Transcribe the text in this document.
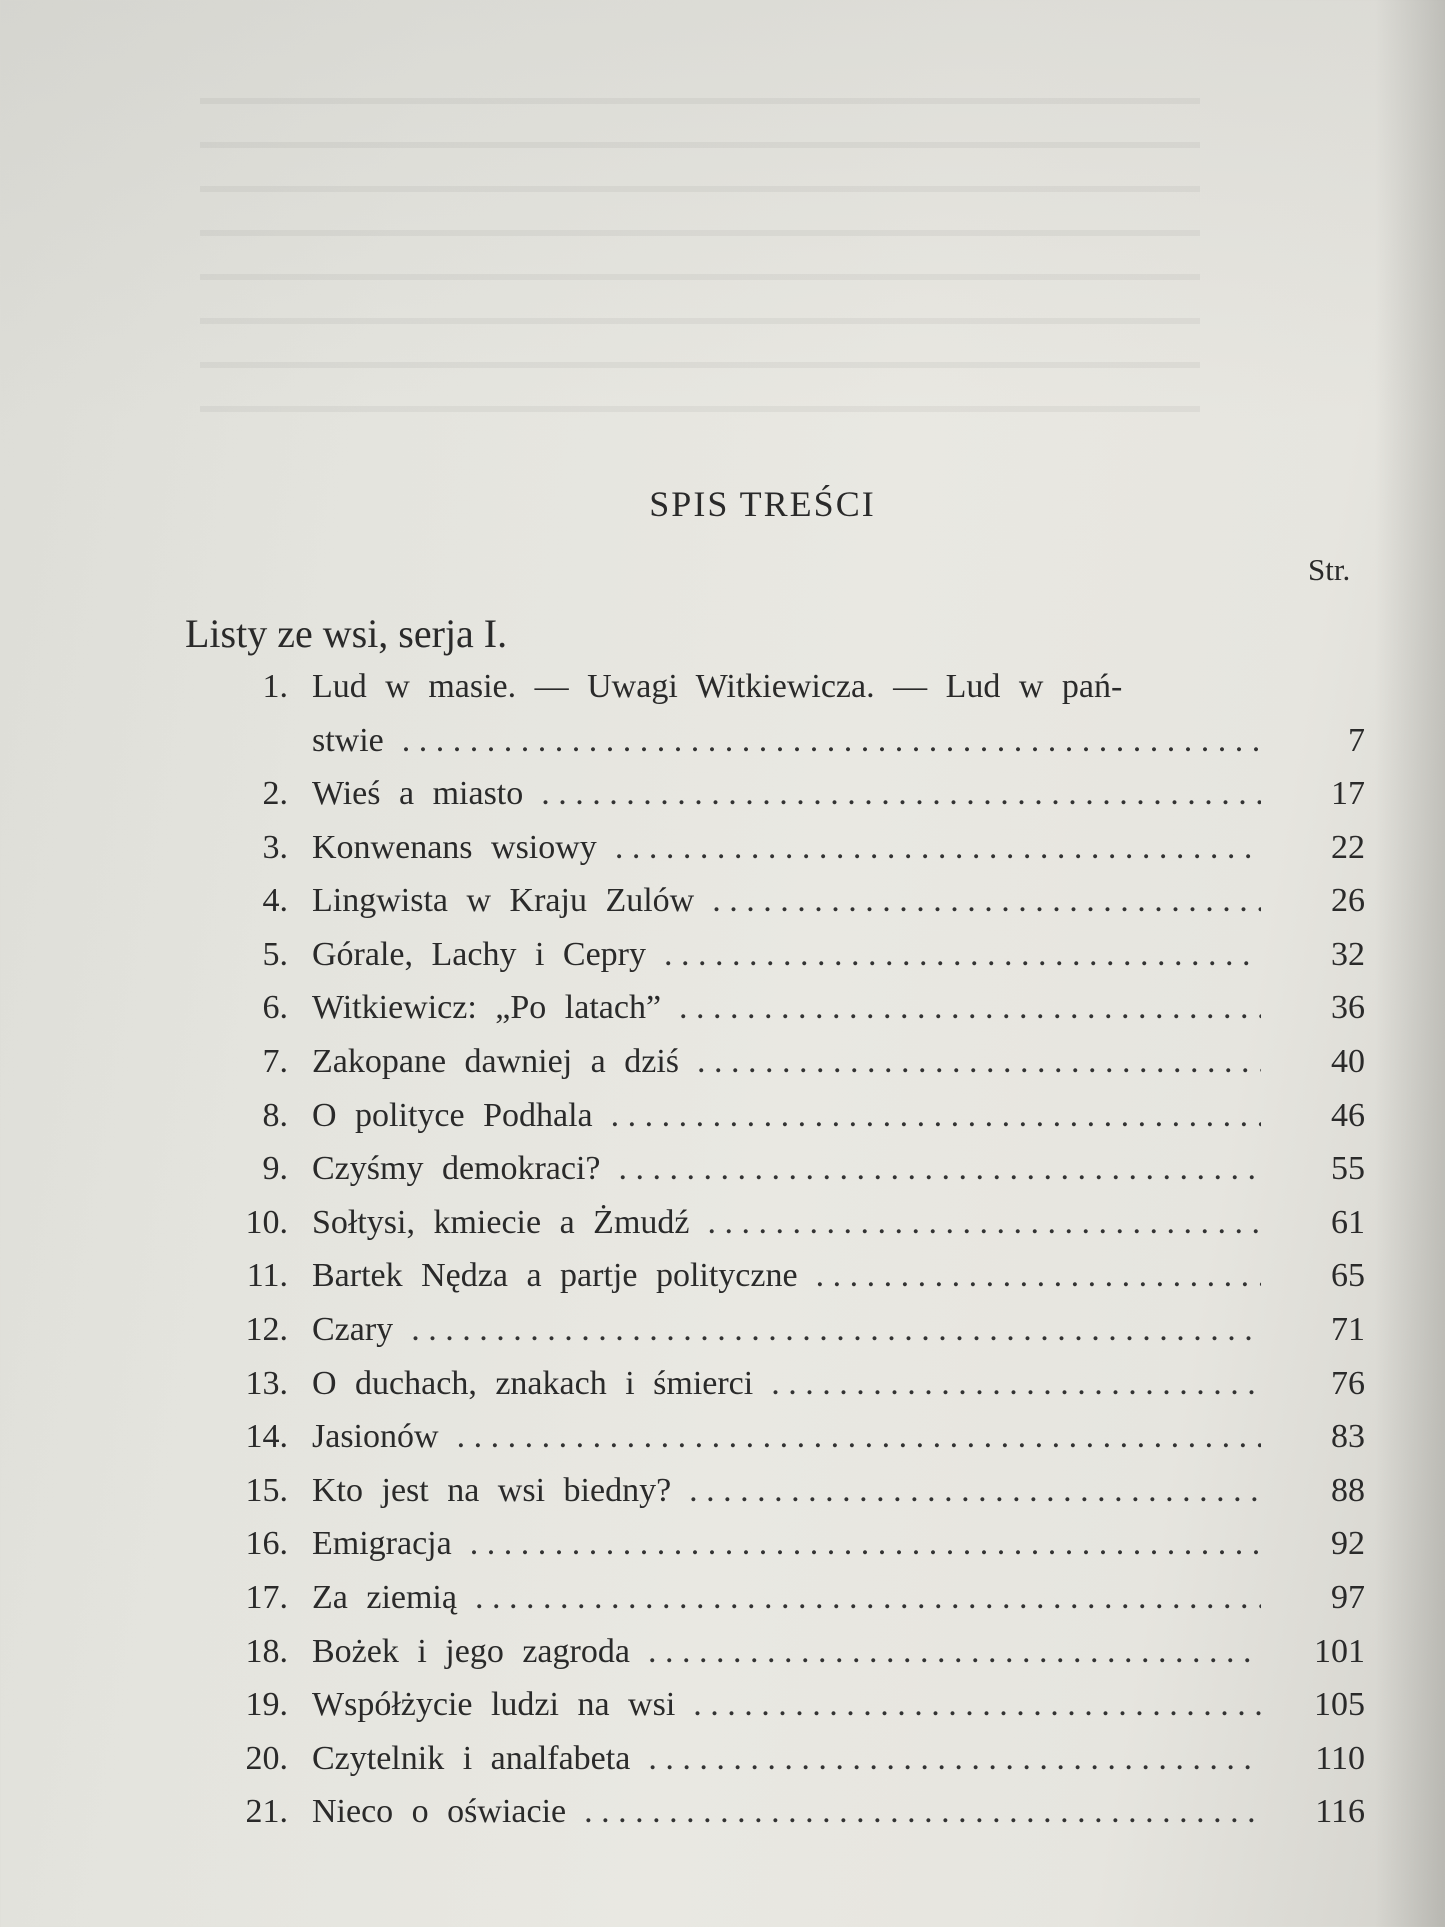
SPIS TREŚCI
Str.
Listy ze wsi, serja I.
1. Lud w masie. — Uwagi Witkiewicza. — Lud w pań-
stwie . . .	7
2. Wieś a miasto . . .	17
3. Konwenans wsiowy . . .	22
4. Lingwista w Kraju Zulów . . .	26
5. Górale, Lachy i Cepry . . .	32
6. Witkiewicz: „Po latach” . . .	36
7. Zakopane dawniej a dziś . . .	40
8. O polityce Podhala . . .	46
9. Czyśmy demokraci? . . .	55
10. Sołtysi, kmiecie a Żmudź . . .	61
11. Bartek Nędza a partje polityczne . . .	65
12. Czary . . .	71
13. O duchach, znakach i śmierci . . .	76
14. Jasionów . . .	83
15. Kto jest na wsi biedny? . . .	88
16. Emigracja . . .	92
17. Za ziemią . . .	97
18. Bożek i jego zagroda . . .	101
19. Współżycie ludzi na wsi . . .	105
20. Czytelnik i analfabeta . . .	110
21. Nieco o oświacie . . .	116
